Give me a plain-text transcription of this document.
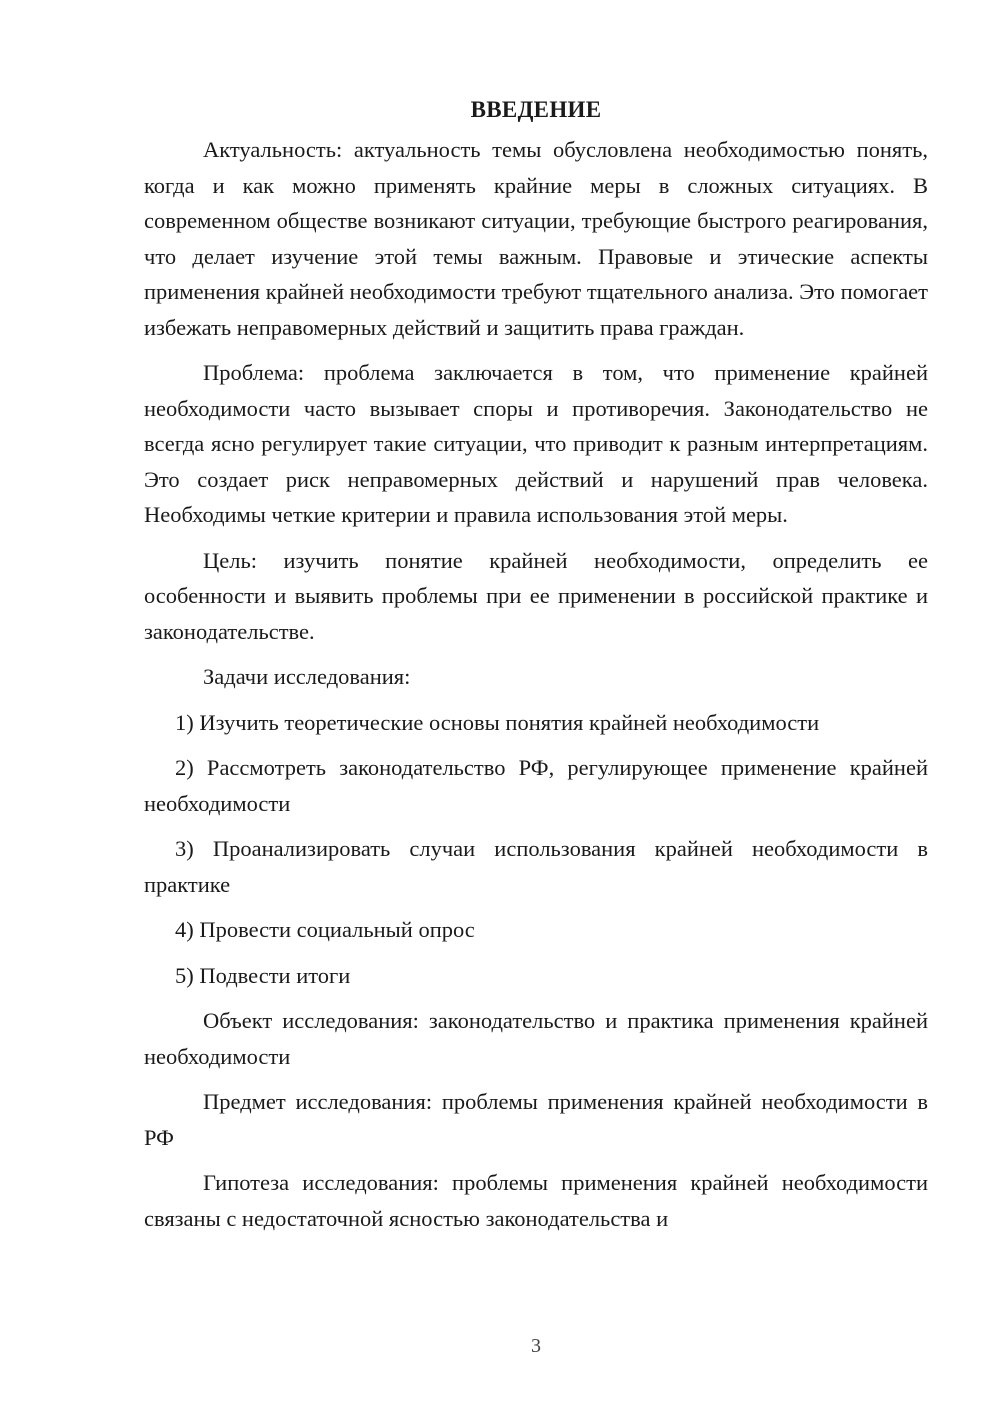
ВВЕДЕНИЕ

Актуальность: актуальность темы обусловлена необходимостью понять, когда и как можно применять крайние меры в сложных ситуациях. В современном обществе возникают ситуации, требующие быстрого реагирования, что делает изучение этой темы важным. Правовые и этические аспекты применения крайней необходимости требуют тщательного анализа. Это помогает избежать неправомерных действий и защитить права граждан.

Проблема: проблема заключается в том, что применение крайней необходимости часто вызывает споры и противоречия. Законодательство не всегда ясно регулирует такие ситуации, что приводит к разным интерпретациям. Это создает риск неправомерных действий и нарушений прав человека. Необходимы четкие критерии и правила использования этой меры.

Цель: изучить понятие крайней необходимости, определить ее особенности и выявить проблемы при ее применении в российской практике и законодательстве.

Задачи исследования:

1) Изучить теоретические основы понятия крайней необходимости

2) Рассмотреть законодательство РФ, регулирующее применение крайней необходимости

3) Проанализировать случаи использования крайней необходимости в практике

4) Провести социальный опрос

5) Подвести итоги

Объект исследования: законодательство и практика применения крайней необходимости

Предмет исследования: проблемы применения крайней необходимости в РФ

Гипотеза исследования: проблемы применения крайней необходимости связаны с недостаточной ясностью законодательства и

3
